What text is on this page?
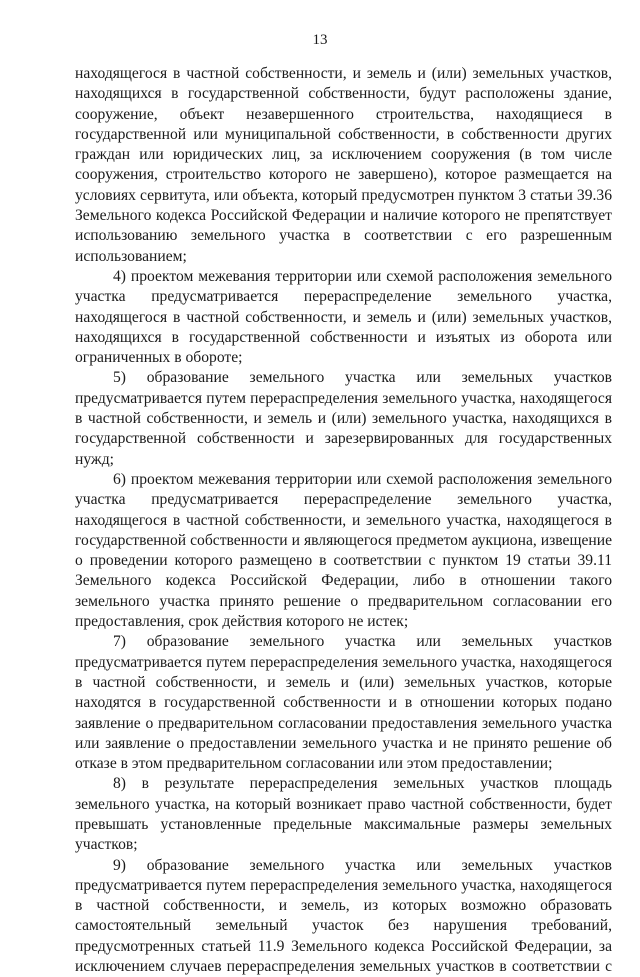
13

находящегося в частной собственности, и земель и (или) земельных участков, находящихся в государственной собственности, будут расположены здание, сооружение, объект незавершенного строительства, находящиеся в государственной или муниципальной собственности, в собственности других граждан или юридических лиц, за исключением сооружения (в том числе сооружения, строительство которого не завершено), которое размещается на условиях сервитута, или объекта, который предусмотрен пунктом 3 статьи 39.36 Земельного кодекса Российской Федерации и наличие которого не препятствует использованию земельного участка в соответствии с его разрешенным использованием;

4) проектом межевания территории или схемой расположения земельного участка предусматривается перераспределение земельного участка, находящегося в частной собственности, и земель и (или) земельных участков, находящихся в государственной собственности и изъятых из оборота или ограниченных в обороте;

5) образование земельного участка или земельных участков предусматривается путем перераспределения земельного участка, находящегося в частной собственности, и земель и (или) земельного участка, находящихся в государственной собственности и зарезервированных для государственных нужд;

6) проектом межевания территории или схемой расположения земельного участка предусматривается перераспределение земельного участка, находящегося в частной собственности, и земельного участка, находящегося в государственной собственности и являющегося предметом аукциона, извещение о проведении которого размещено в соответствии с пунктом 19 статьи 39.11 Земельного кодекса Российской Федерации, либо в отношении такого земельного участка принято решение о предварительном согласовании его предоставления, срок действия которого не истек;

7) образование земельного участка или земельных участков предусматривается путем перераспределения земельного участка, находящегося в частной собственности, и земель и (или) земельных участков, которые находятся в государственной собственности и в отношении которых подано заявление о предварительном согласовании предоставления земельного участка или заявление о предоставлении земельного участка и не принято решение об отказе в этом предварительном согласовании или этом предоставлении;

8) в результате перераспределения земельных участков площадь земельного участка, на который возникает право частной собственности, будет превышать установленные предельные максимальные размеры земельных участков;

9) образование земельного участка или земельных участков предусматривается путем перераспределения земельного участка, находящегося в частной собственности, и земель, из которых возможно образовать самостоятельный земельный участок без нарушения требований, предусмотренных статьей 11.9 Земельного кодекса Российской Федерации, за исключением случаев перераспределения земельных участков в соответствии с
